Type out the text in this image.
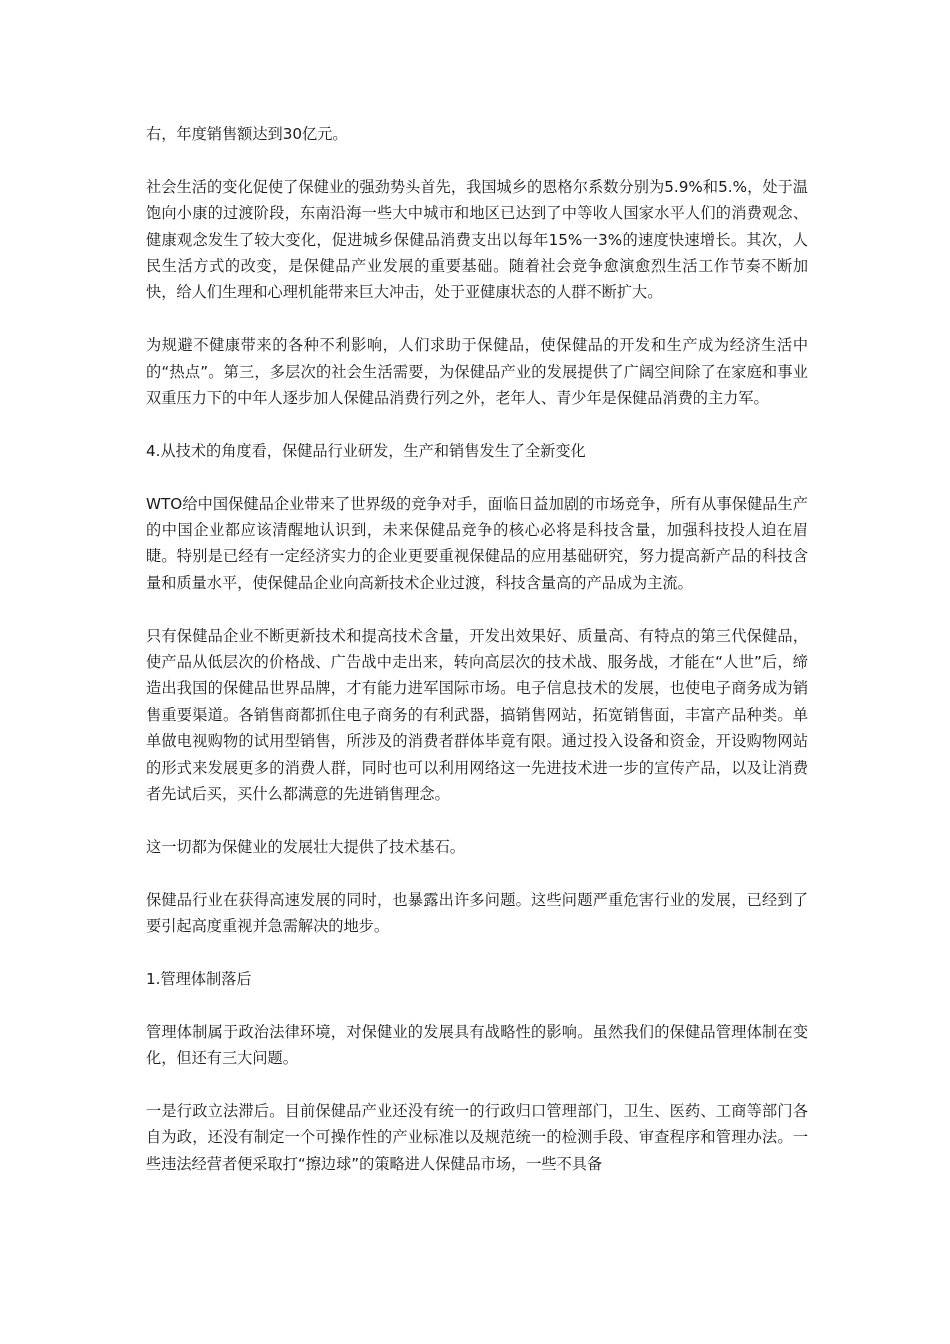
右，年度销售额达到30亿元。

社会生活的变化促使了保健业的强劲势头首先，我国城乡的恩格尔系数分别为5.9%和5.%，处于温饱向小康的过渡阶段，东南沿海一些大中城市和地区已达到了中等收人国家水平人们的消费观念、健康观念发生了较大变化，促进城乡保健品消费支出以每年15%一3%的速度快速增长。其次，人民生活方式的改变，是保健品产业发展的重要基础。随着社会竞争愈演愈烈生活工作节奏不断加快，给人们生理和心理机能带来巨大冲击，处于亚健康状态的人群不断扩大。

为规避不健康带来的各种不利影响，人们求助于保健品，使保健品的开发和生产成为经济生活中的“热点”。第三，多层次的社会生活需要，为保健品产业的发展提供了广阔空间除了在家庭和事业双重压力下的中年人逐步加人保健品消费行列之外，老年人、青少年是保健品消费的主力军。

4.从技术的角度看，保健品行业研发，生产和销售发生了全新变化

WTO给中国保健品企业带来了世界级的竞争对手，面临日益加剧的市场竞争，所有从事保健品生产的中国企业都应该清醒地认识到，未来保健品竞争的核心必将是科技含量，加强科技投人迫在眉睫。特别是已经有一定经济实力的企业更要重视保健品的应用基础研究，努力提高新产品的科技含量和质量水平，使保健品企业向高新技术企业过渡，科技含量高的产品成为主流。

只有保健品企业不断更新技术和提高技术含量，开发出效果好、质量高、有特点的第三代保健品，使产品从低层次的价格战、广告战中走出来，转向高层次的技术战、服务战，才能在“人世”后，缔造出我国的保健品世界品牌，才有能力进军国际市场。电子信息技术的发展，也使电子商务成为销售重要渠道。各销售商都抓住电子商务的有利武器，搞销售网站，拓宽销售面，丰富产品种类。单单做电视购物的试用型销售，所涉及的消费者群体毕竟有限。通过投入设备和资金，开设购物网站的形式来发展更多的消费人群，同时也可以利用网络这一先进技术进一步的宣传产品，以及让消费者先试后买，买什么都满意的先进销售理念。

这一切都为保健业的发展壮大提供了技术基石。

保健品行业在获得高速发展的同时，也暴露出许多问题。这些问题严重危害行业的发展，已经到了要引起高度重视并急需解决的地步。

1.管理体制落后

管理体制属于政治法律环境，对保健业的发展具有战略性的影响。虽然我们的保健品管理体制在变化，但还有三大问题。

一是行政立法滞后。目前保健品产业还没有统一的行政归口管理部门，卫生、医药、工商等部门各自为政，还没有制定一个可操作性的产业标准以及规范统一的检测手段、审查程序和管理办法。一些违法经营者便采取打“擦边球”的策略进人保健品市场，一些不具备
